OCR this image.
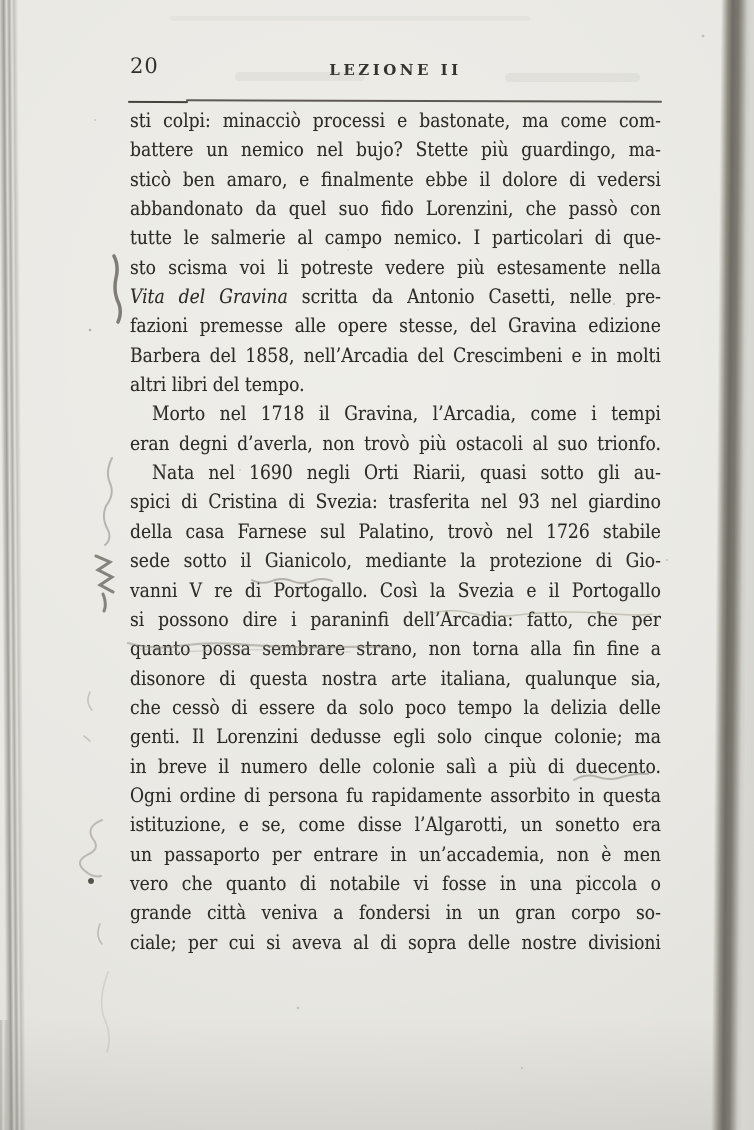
20	LEZIONE II
sti colpi: minacciò processi e bastonate, ma come com-
battere un nemico nel bujo? Stette più guardingo, ma-
sticò ben amaro, e finalmente ebbe il dolore di vedersi
abbandonato da quel suo fido Lorenzini, che passò con
tutte le salmerie al campo nemico. I particolari di que-
sto scisma voi li potreste vedere più estesamente nella
Vita del Gravina scritta da Antonio Casetti, nelle pre-
fazioni premesse alle opere stesse, del Gravina edizione
Barbera del 1858, nell’Arcadia del Crescimbeni e in molti
altri libri del tempo.
Morto nel 1718 il Gravina, l’Arcadia, come i tempi
eran degni d’averla, non trovò più ostacoli al suo trionfo.
Nata nel 1690 negli Orti Riarii, quasi sotto gli au-
spici di Cristina di Svezia: trasferita nel 93 nel giardino
della casa Farnese sul Palatino, trovò nel 1726 stabile
sede sotto il Gianicolo, mediante la protezione di Gio-
vanni V re di Portogallo. Così la Svezia e il Portogallo
si possono dire i paraninfi dell’Arcadia: fatto, che per
quanto possa sembrare strano, non torna alla fin fine a
disonore di questa nostra arte italiana, qualunque sia,
che cessò di essere da solo poco tempo la delizia delle
genti. Il Lorenzini dedusse egli solo cinque colonie; ma
in breve il numero delle colonie salì a più di duecento.
Ogni ordine di persona fu rapidamente assorbito in questa
istituzione, e se, come disse l’Algarotti, un sonetto era
un passaporto per entrare in un’accademia, non è men
vero che quanto di notabile vi fosse in una piccola o
grande città veniva a fondersi in un gran corpo so-
ciale; per cui si aveva al di sopra delle nostre divisioni
